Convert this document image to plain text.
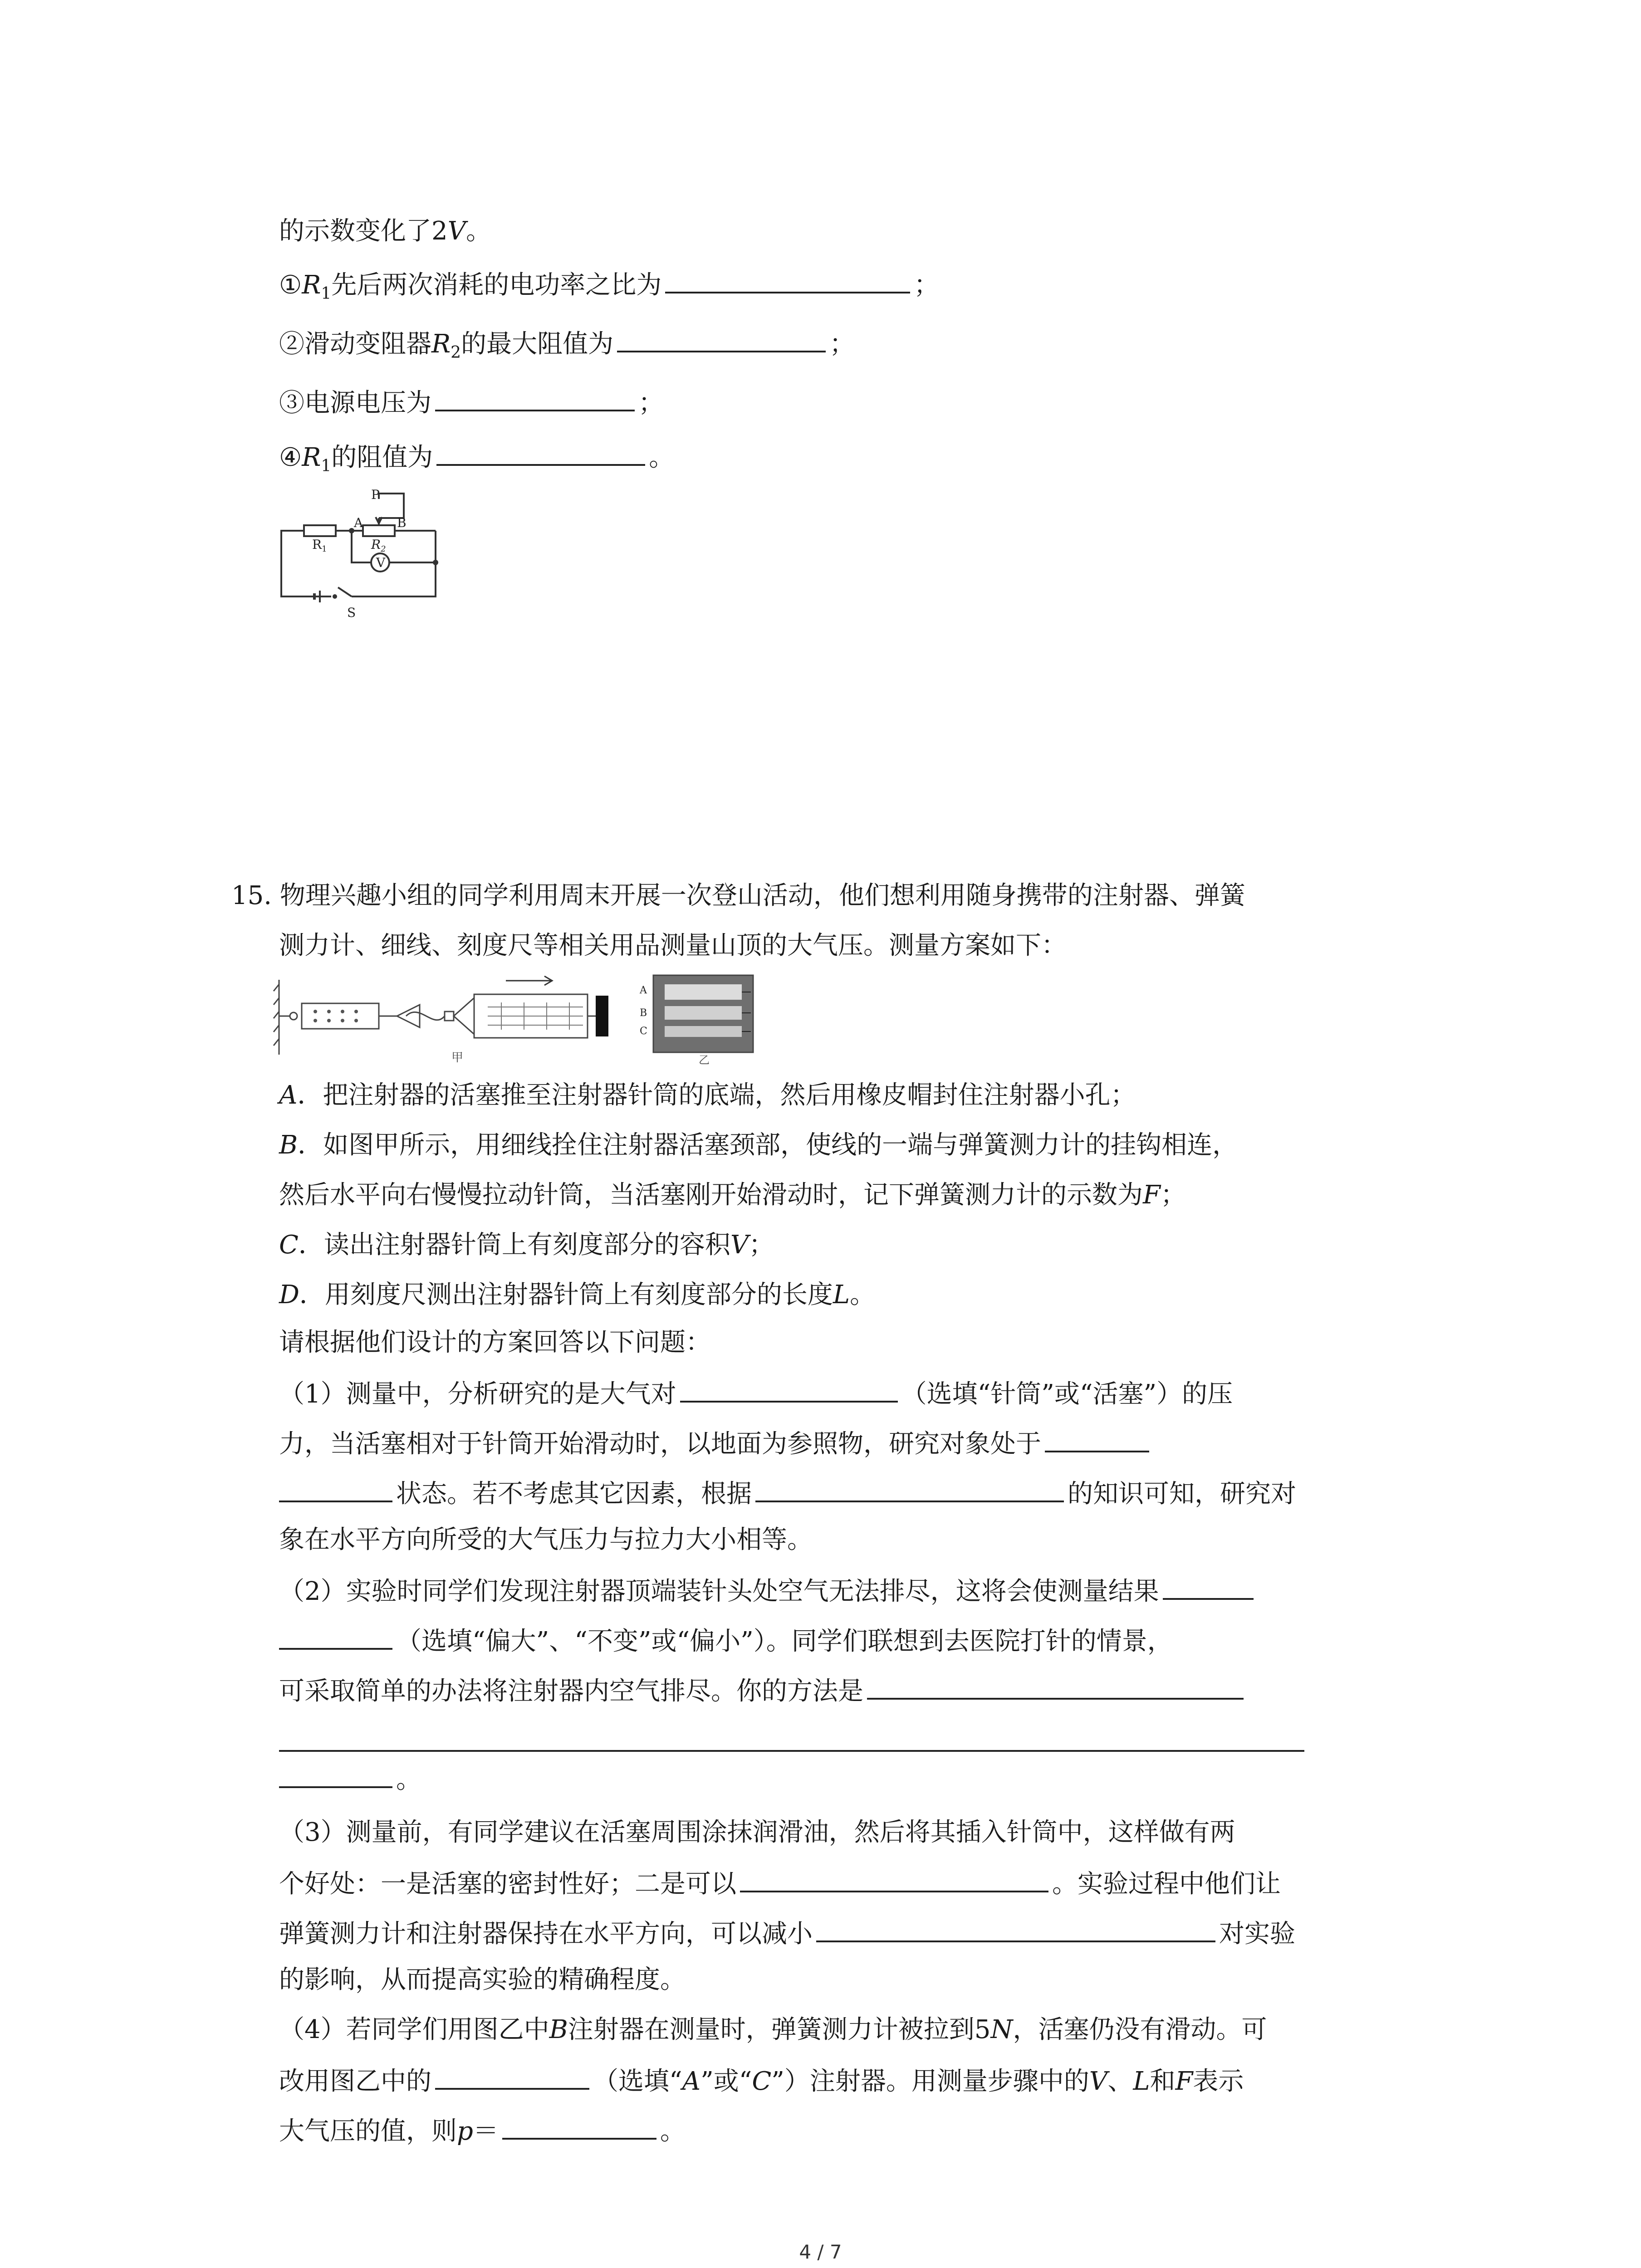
的示数变化了2V。
$①R_1$先后两次消耗的电功率之比为	；
②滑动变阻器$R_2$的最大阻值为	；
③电源电压为	；
$④R_1$的阻值为	。
P
A	B
$R_1$	$R_2$
V
S
15. 物理兴趣小组的同学利用周末开展一次登山活动，他们想利用随身携带的注射器、弹簧
测力计、细线、刻度尺等相关用品测量山顶的大气压。测量方案如下：
甲
A
B
C
乙
A．把注射器的活塞推至注射器针筒的底端，然后用橡皮帽封住注射器小孔；
B．如图甲所示，用细线拴住注射器活塞颈部，使线的一端与弹簧测力计的挂钩相连，
然后水平向右慢慢拉动针筒，当活塞刚开始滑动时，记下弹簧测力计的示数为F；
C．读出注射器针筒上有刻度部分的容积V；
D．用刻度尺测出注射器针筒上有刻度部分的长度L。
请根据他们设计的方案回答以下问题：
（1）测量中，分析研究的是大气对	（选填“针筒”或“活塞”）的压
力，当活塞相对于针筒开始滑动时，以地面为参照物，研究对象处于
状态。若不考虑其它因素，根据	的知识可知，研究对
象在水平方向所受的大气压力与拉力大小相等。
（2）实验时同学们发现注射器顶端装针头处空气无法排尽，这将会使测量结果
（选填“偏大”、“不变”或“偏小”）。同学们联想到去医院打针的情景，
可采取简单的办法将注射器内空气排尽。你的方法是
。
（3）测量前，有同学建议在活塞周围涂抹润滑油，然后将其插入针筒中，这样做有两
个好处：一是活塞的密封性好；二是可以	。实验过程中他们让
弹簧测力计和注射器保持在水平方向，可以减小	对实验
的影响，从而提高实验的精确程度。
（4）若同学们用图乙中B注射器在测量时，弹簧测力计被拉到5N，活塞仍没有滑动。可
改用图乙中的	（选填“A”或“C”）注射器。用测量步骤中的V、L和F表示
大气压的值，则p＝	。
4 / 7
